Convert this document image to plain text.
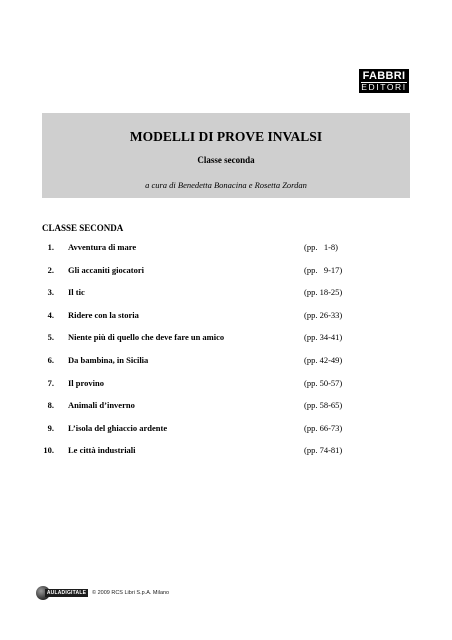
FABBRI
EDITORI
MODELLI DI PROVE INVALSI
Classe seconda
a cura di Benedetta Bonacina e Rosetta Zordan
CLASSE SECONDA
1. Avventura di mare	(pp.   1-8)
2. Gli accaniti giocatori	(pp.   9-17)
3. Il tic	(pp. 18-25)
4. Ridere con la storia	(pp. 26-33)
5. Niente più di quello che deve fare un amico	(pp. 34-41)
6. Da bambina, in Sicilia	(pp. 42-49)
7. Il provino	(pp. 50-57)
8. Animali d’inverno	(pp. 58-65)
9. L’isola del ghiaccio ardente	(pp. 66-73)
10. Le città industriali	(pp. 74-81)
AULADIGITALE	© 2009 RCS Libri S.p.A. Milano
